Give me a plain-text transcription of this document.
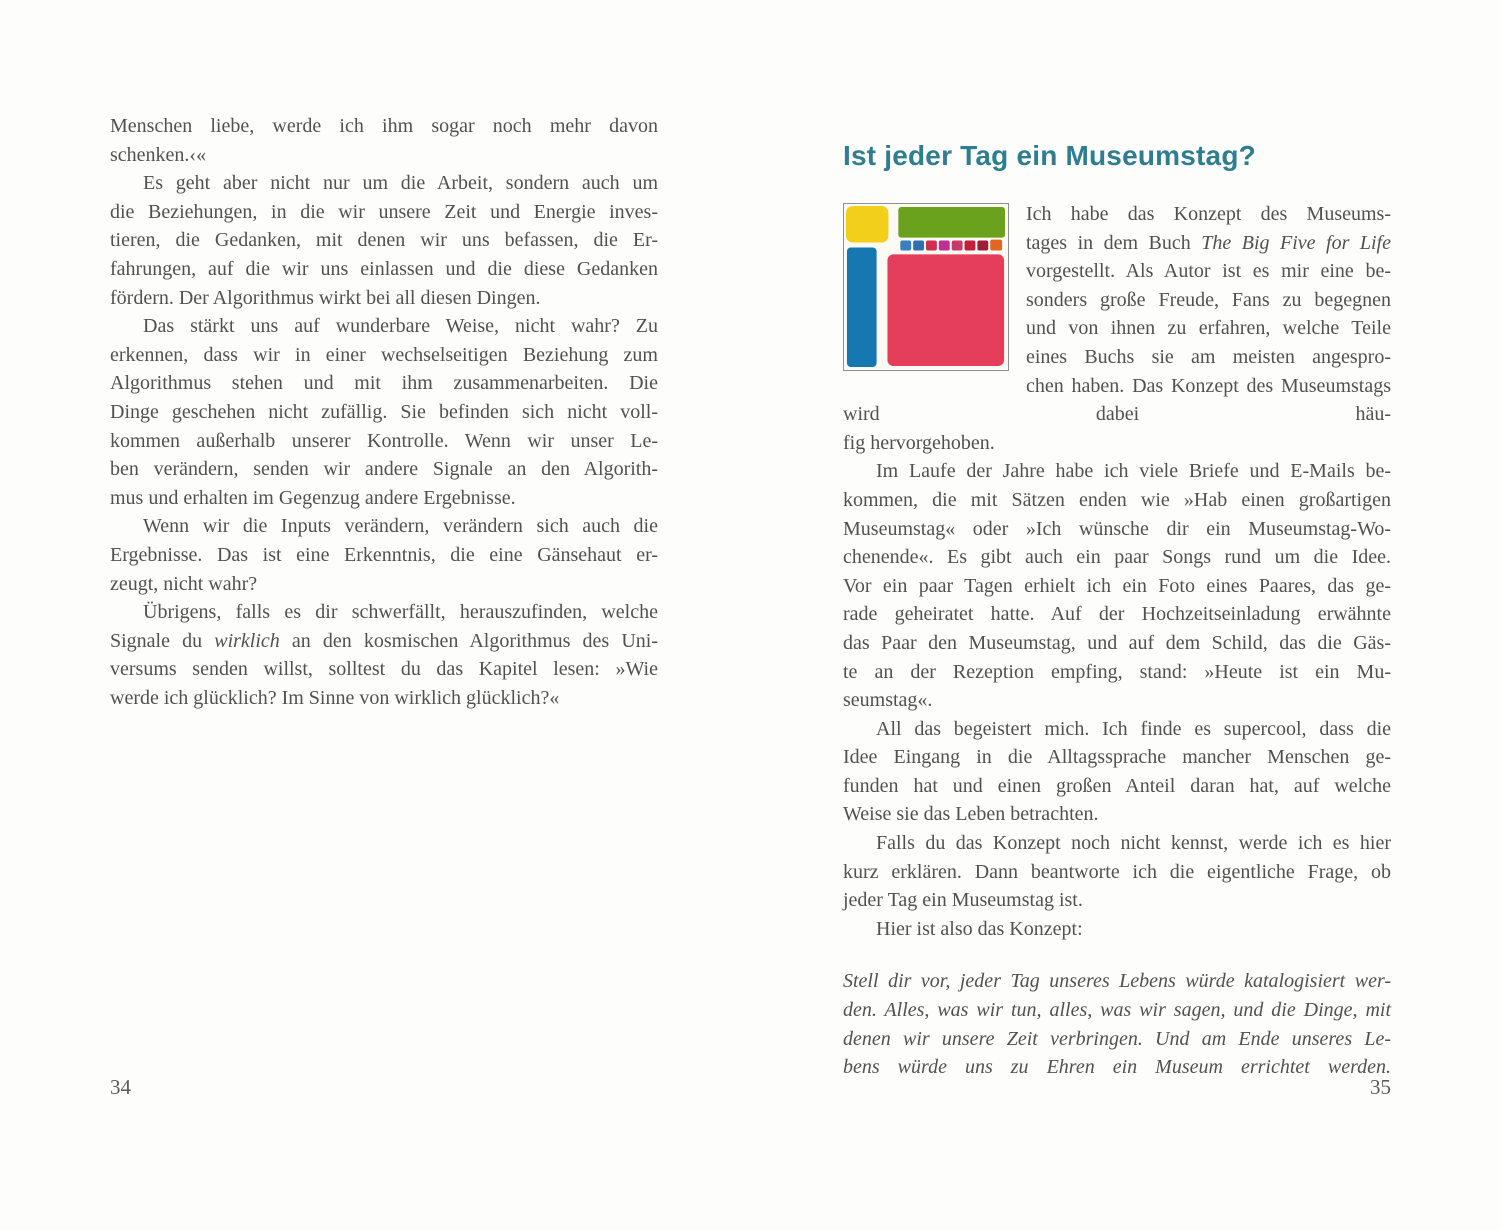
Menschen liebe, werde ich ihm sogar noch mehr davon
schenken.‹«
Es geht aber nicht nur um die Arbeit, sondern auch um
die Beziehungen, in die wir unsere Zeit und Energie inves-
tieren, die Gedanken, mit denen wir uns befassen, die Er-
fahrungen, auf die wir uns einlassen und die diese Gedanken
fördern. Der Algorithmus wirkt bei all diesen Dingen.
Das stärkt uns auf wunderbare Weise, nicht wahr? Zu
erkennen, dass wir in einer wechselseitigen Beziehung zum
Algorithmus stehen und mit ihm zusammenarbeiten. Die
Dinge geschehen nicht zufällig. Sie befinden sich nicht voll-
kommen außerhalb unserer Kontrolle. Wenn wir unser Le-
ben verändern, senden wir andere Signale an den Algorith-
mus und erhalten im Gegenzug andere Ergebnisse.
Wenn wir die Inputs verändern, verändern sich auch die
Ergebnisse. Das ist eine Erkenntnis, die eine Gänsehaut er-
zeugt, nicht wahr?
Übrigens, falls es dir schwerfällt, herauszufinden, welche
Signale du wirklich an den kosmischen Algorithmus des Uni-
versums senden willst, solltest du das Kapitel lesen: »Wie
werde ich glücklich? Im Sinne von wirklich glücklich?«
34
Ist jeder Tag ein Museumstag?
Ich habe das Konzept des Museums-
tages in dem Buch The Big Five for Life
vorgestellt. Als Autor ist es mir eine be-
sonders große Freude, Fans zu begegnen
und von ihnen zu erfahren, welche Teile
eines Buchs sie am meisten angespro-
chen haben. Das Konzept des Museumstags wird dabei häu-
fig hervorgehoben.
Im Laufe der Jahre habe ich viele Briefe und E-Mails be-
kommen, die mit Sätzen enden wie »Hab einen großartigen
Museumstag« oder »Ich wünsche dir ein Museumstag-Wo-
chenende«. Es gibt auch ein paar Songs rund um die Idee.
Vor ein paar Tagen erhielt ich ein Foto eines Paares, das ge-
rade geheiratet hatte. Auf der Hochzeitseinladung erwähnte
das Paar den Museumstag, und auf dem Schild, das die Gäs-
te an der Rezeption empfing, stand: »Heute ist ein Mu-
seumstag«.
All das begeistert mich. Ich finde es supercool, dass die
Idee Eingang in die Alltagssprache mancher Menschen ge-
funden hat und einen großen Anteil daran hat, auf welche
Weise sie das Leben betrachten.
Falls du das Konzept noch nicht kennst, werde ich es hier
kurz erklären. Dann beantworte ich die eigentliche Frage, ob
jeder Tag ein Museumstag ist.
Hier ist also das Konzept:
Stell dir vor, jeder Tag unseres Lebens würde katalogisiert wer-
den. Alles, was wir tun, alles, was wir sagen, und die Dinge, mit
denen wir unsere Zeit verbringen. Und am Ende unseres Le-
bens würde uns zu Ehren ein Museum errichtet werden.
35
